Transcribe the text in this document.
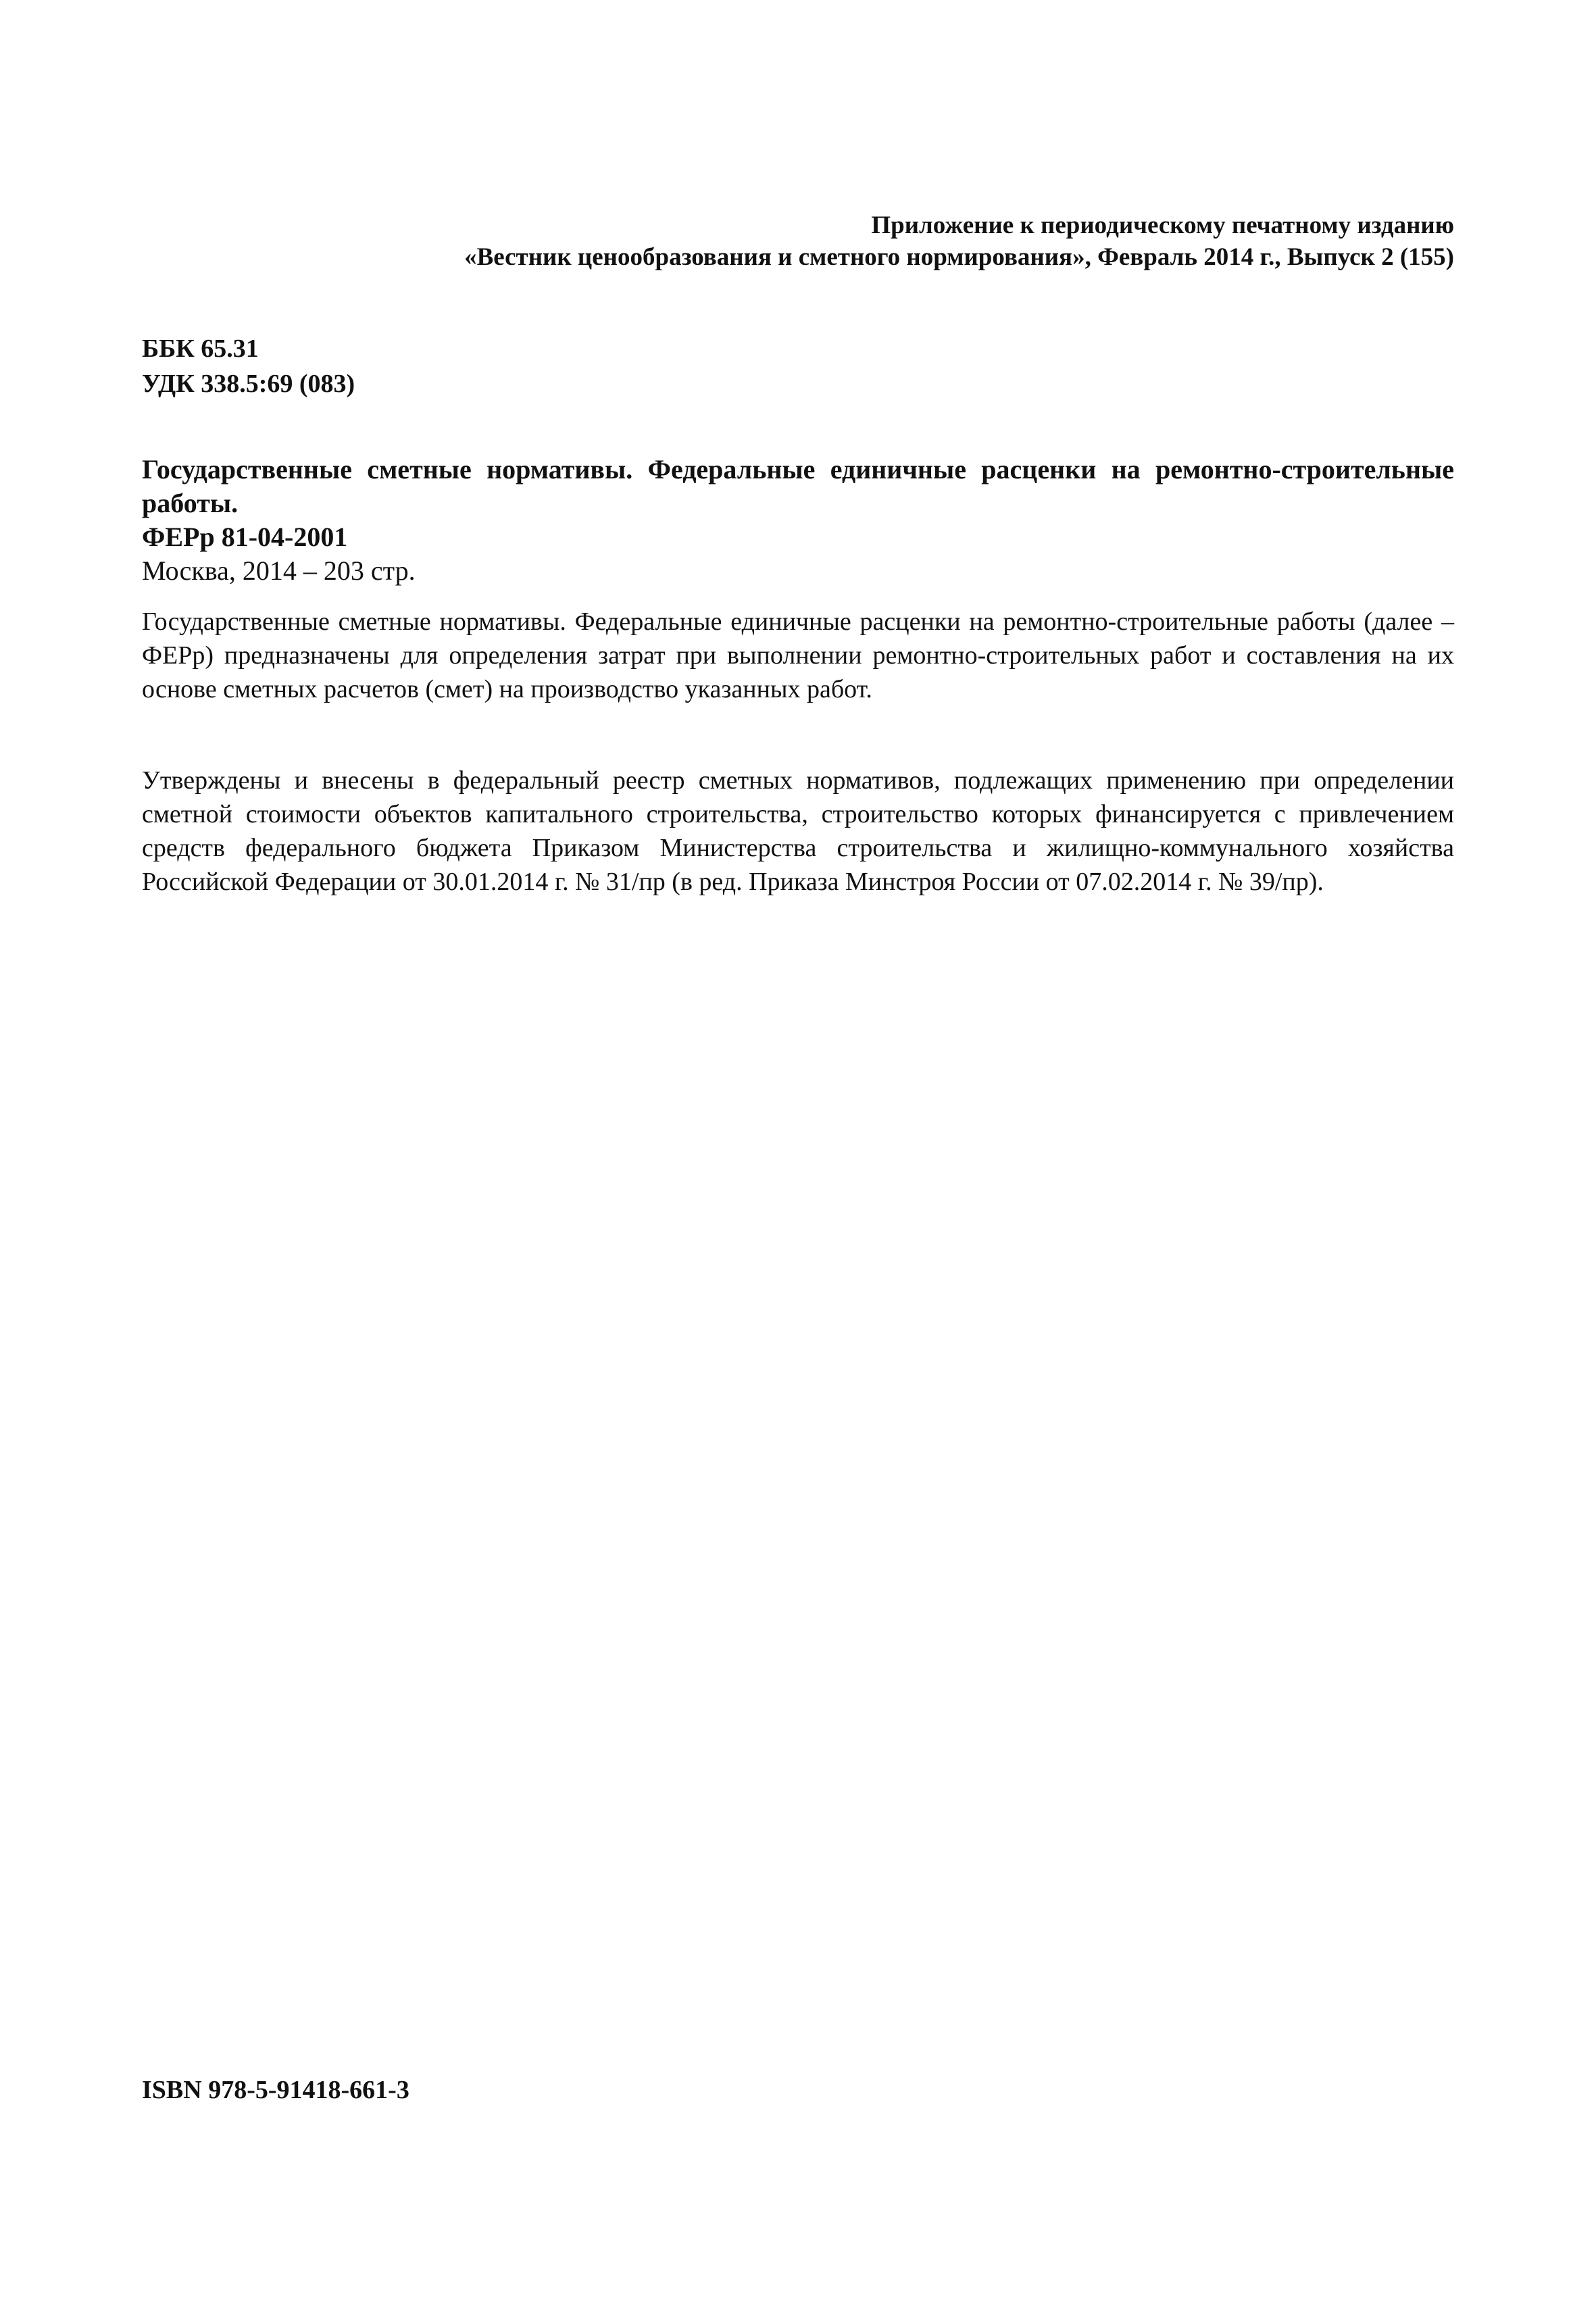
Приложение к периодическому печатному изданию
«Вестник ценообразования и сметного нормирования», Февраль 2014 г., Выпуск 2 (155)
ББК 65.31
УДК 338.5:69 (083)

Государственные сметные нормативы. Федеральные единичные расценки на ремонтно-строительные работы.

ФЕРр 81-04-2001

Москва, 2014 – 203 стр.

Государственные сметные нормативы. Федеральные единичные расценки на ремонтно-строительные работы (далее – ФЕРр) предназначены для определения затрат при выполнении ремонтно-строительных работ и составления на их основе сметных расчетов (смет) на производство указанных работ.

Утверждены и внесены в федеральный реестр сметных нормативов, подлежащих применению при определении сметной стоимости объектов капитального строительства, строительство которых финансируется с привлечением средств федерального бюджета Приказом Министерства строительства и жилищно-коммунального хозяйства Российской Федерации от 30.01.2014 г. № 31/пр (в ред. Приказа Минстроя России от 07.02.2014 г. № 39/пр).

ISBN 978-5-91418-661-3
